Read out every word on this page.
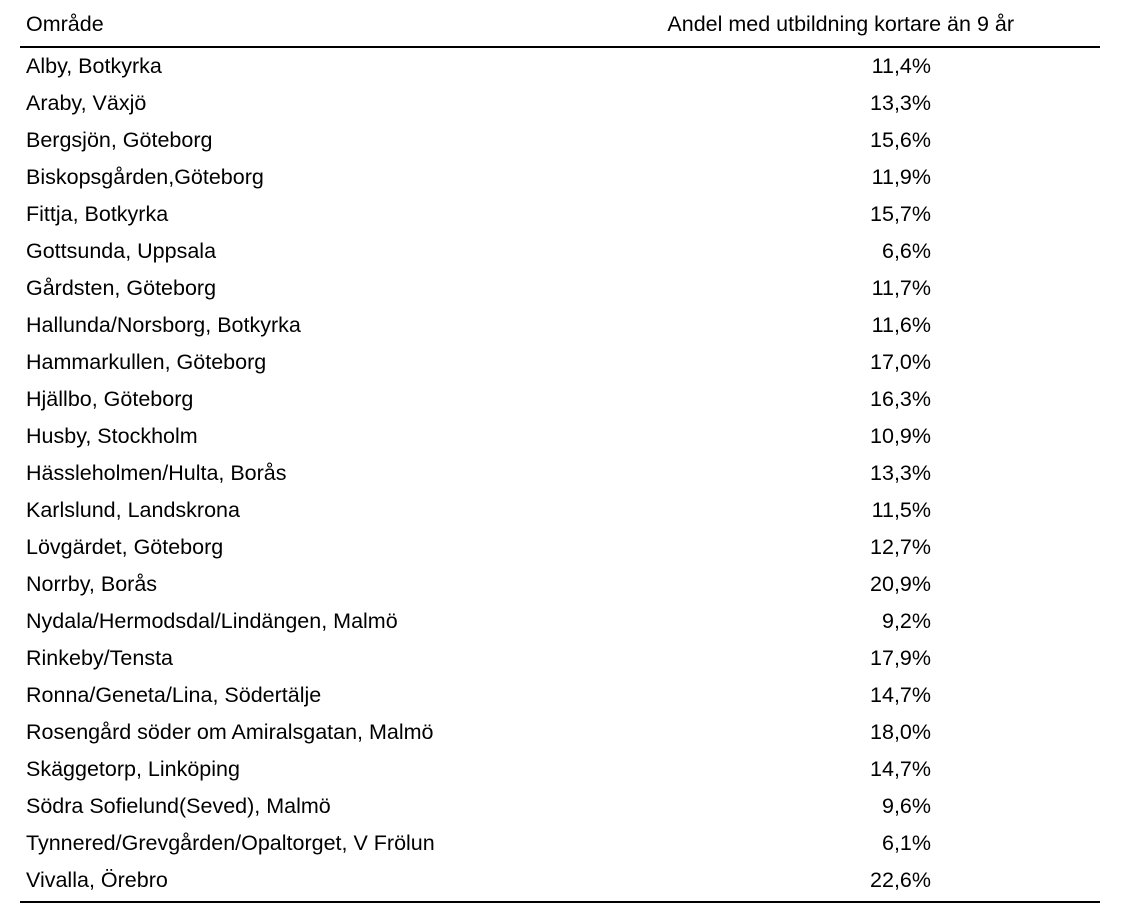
Område	Andel med utbildning kortare än 9 år
Alby, Botkyrka	11,4%
Araby, Växjö	13,3%
Bergsjön, Göteborg	15,6%
Biskopsgården,Göteborg	11,9%
Fittja, Botkyrka	15,7%
Gottsunda, Uppsala	6,6%
Gårdsten, Göteborg	11,7%
Hallunda/Norsborg, Botkyrka	11,6%
Hammarkullen, Göteborg	17,0%
Hjällbo, Göteborg	16,3%
Husby, Stockholm	10,9%
Hässleholmen/Hulta, Borås	13,3%
Karlslund, Landskrona	11,5%
Lövgärdet, Göteborg	12,7%
Norrby, Borås	20,9%
Nydala/Hermodsdal/Lindängen, Malmö	9,2%
Rinkeby/Tensta	17,9%
Ronna/Geneta/Lina, Södertälje	14,7%
Rosengård söder om Amiralsgatan, Malmö	18,0%
Skäggetorp, Linköping	14,7%
Södra Sofielund(Seved), Malmö	9,6%
Tynnered/Grevgården/Opaltorget, V Frölun	6,1%
Vivalla, Örebro	22,6%
